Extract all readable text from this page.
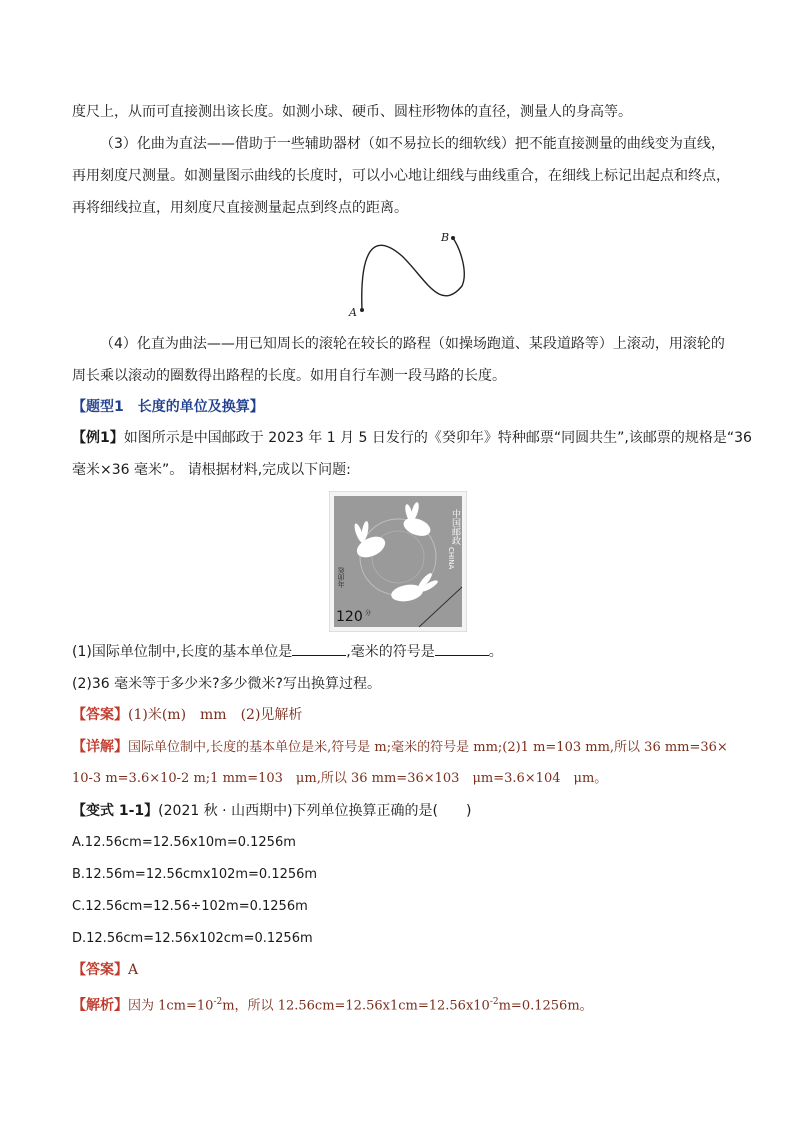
度尺上，从而可直接测出该长度。如测小球、硬币、圆柱形物体的直径，测量人的身高等。
（3）化曲为直法——借助于一些辅助器材（如不易拉长的细软线）把不能直接测量的曲线变为直线，
再用刻度尺测量。如测量图示曲线的长度时，可以小心地让细线与曲线重合，在细线上标记出起点和终点，
再将细线拉直，用刻度尺直接测量起点到终点的距离。
A
B
（4）化直为曲法——用已知周长的滚轮在较长的路程（如操场跑道、某段道路等）上滚动，用滚轮的
周长乘以滚动的圈数得出路程的长度。如用自行车测一段马路的长度。
【题型1　长度的单位及换算】
【例1】如图所示是中国邮政于 2023 年 1 月 5 日发行的《癸卯年》特种邮票“同圆共生”,该邮票的规格是“36
毫米×36 毫米”。 请根据材料,完成以下问题:
中国邮政
CHINA
癸卯年
120 分
(1)国际单位制中,长度的基本单位是	,毫米的符号是	。
(2)36 毫米等于多少米?多少微米?写出换算过程。
【答案】(1)米(m)　mm　(2)见解析
【详解】国际单位制中,长度的基本单位是米,符号是 m;毫米的符号是 mm;(2)1 m=103 mm,所以 36 mm=36×
10-3 m=3.6×10-2 m;1 mm=103　μm,所以 36 mm=36×103　μm=3.6×104　μm。
【变式 1-1】(2021 秋 · 山西期中)下列单位换算正确的是(　　)
A.12.56cm=12.56x10m=0.1256m
B.12.56m=12.56cmx102m=0.1256m
C.12.56cm=12.56÷102m=0.1256m
D.12.56cm=12.56x102cm=0.1256m
【答案】A
【解析】因为 $1cm=10^{-2}m$，所以 $12.56cm=12.56x1cm=12.56x10^{-2}m=0.1256m$。
